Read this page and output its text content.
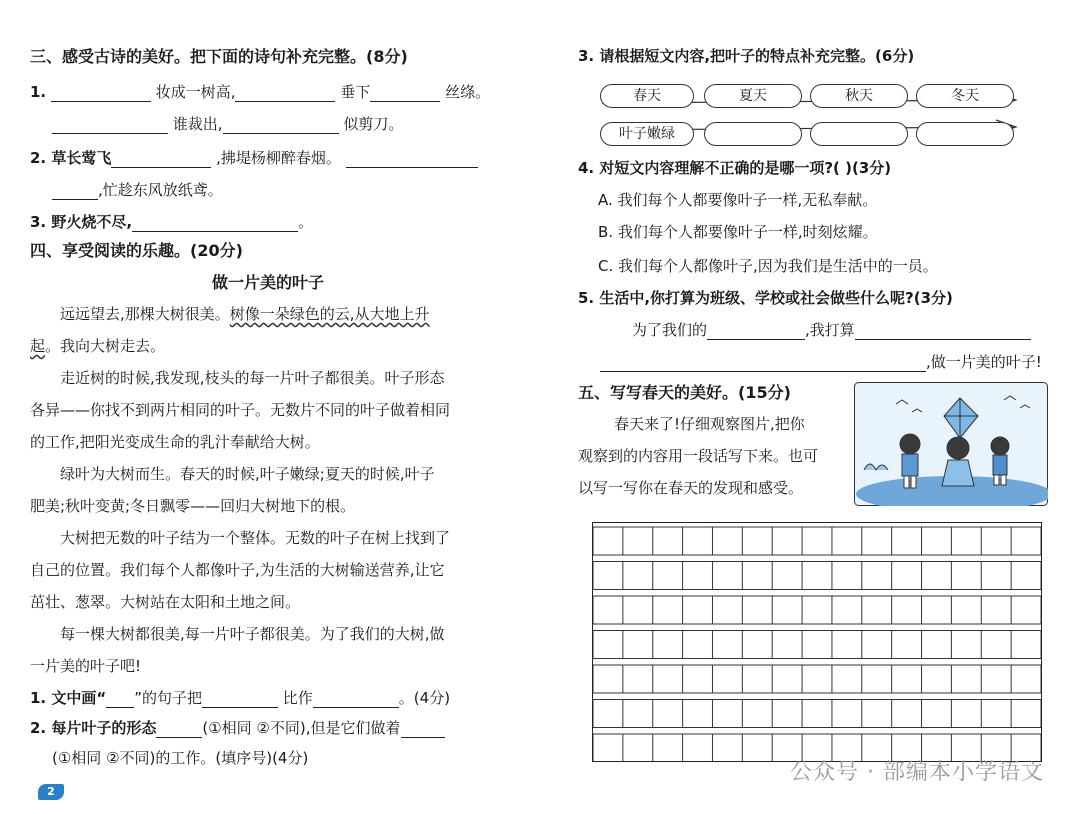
三、感受古诗的美好。把下面的诗句补充完整。(8分)
1.	妆成一树高,	垂下	丝绦。
谁裁出,	似剪刀。
2. 草长莺飞	,拂堤杨柳醉春烟。
,忙趁东风放纸鸢。
3. 野火烧不尽,	。
四、享受阅读的乐趣。(20分)
做一片美的叶子
远远望去,那棵大树很美。树像一朵绿色的云,从大地上升
起。我向大树走去。
走近树的时候,我发现,枝头的每一片叶子都很美。叶子形态
各异——你找不到两片相同的叶子。无数片不同的叶子做着相同
的工作,把阳光变成生命的乳汁奉献给大树。
绿叶为大树而生。春天的时候,叶子嫩绿;夏天的时候,叶子
肥美;秋叶变黄;冬日飘零——回归大树地下的根。
大树把无数的叶子结为一个整体。无数的叶子在树上找到了
自己的位置。我们每个人都像叶子,为生活的大树输送营养,让它
茁壮、葱翠。大树站在太阳和土地之间。
每一棵大树都很美,每一片叶子都很美。为了我们的大树,做
一片美的叶子吧!
1. 文中画“ ”的句子把	比作	。(4分)
2. 每片叶子的形态	(①相同 ②不同),但是它们做着
(①相同 ②不同)的工作。(填序号)(4分)
2
3. 请根据短文内容,把叶子的特点补充完整。(6分)
春天	夏天	秋天	冬天
叶子嫩绿
4. 对短文内容理解不正确的是哪一项?( )(3分)
A. 我们每个人都要像叶子一样,无私奉献。
B. 我们每个人都要像叶子一样,时刻炫耀。
C. 我们每个人都像叶子,因为我们是生活中的一员。
5. 生活中,你打算为班级、学校或社会做些什么呢?(3分)
为了我们的	,我打算
,做一片美的叶子!
五、写写春天的美好。(15分)
春天来了!仔细观察图片,把你
观察到的内容用一段话写下来。也可
以写一写你在春天的发现和感受。
公众号 · 部编本小学语文
